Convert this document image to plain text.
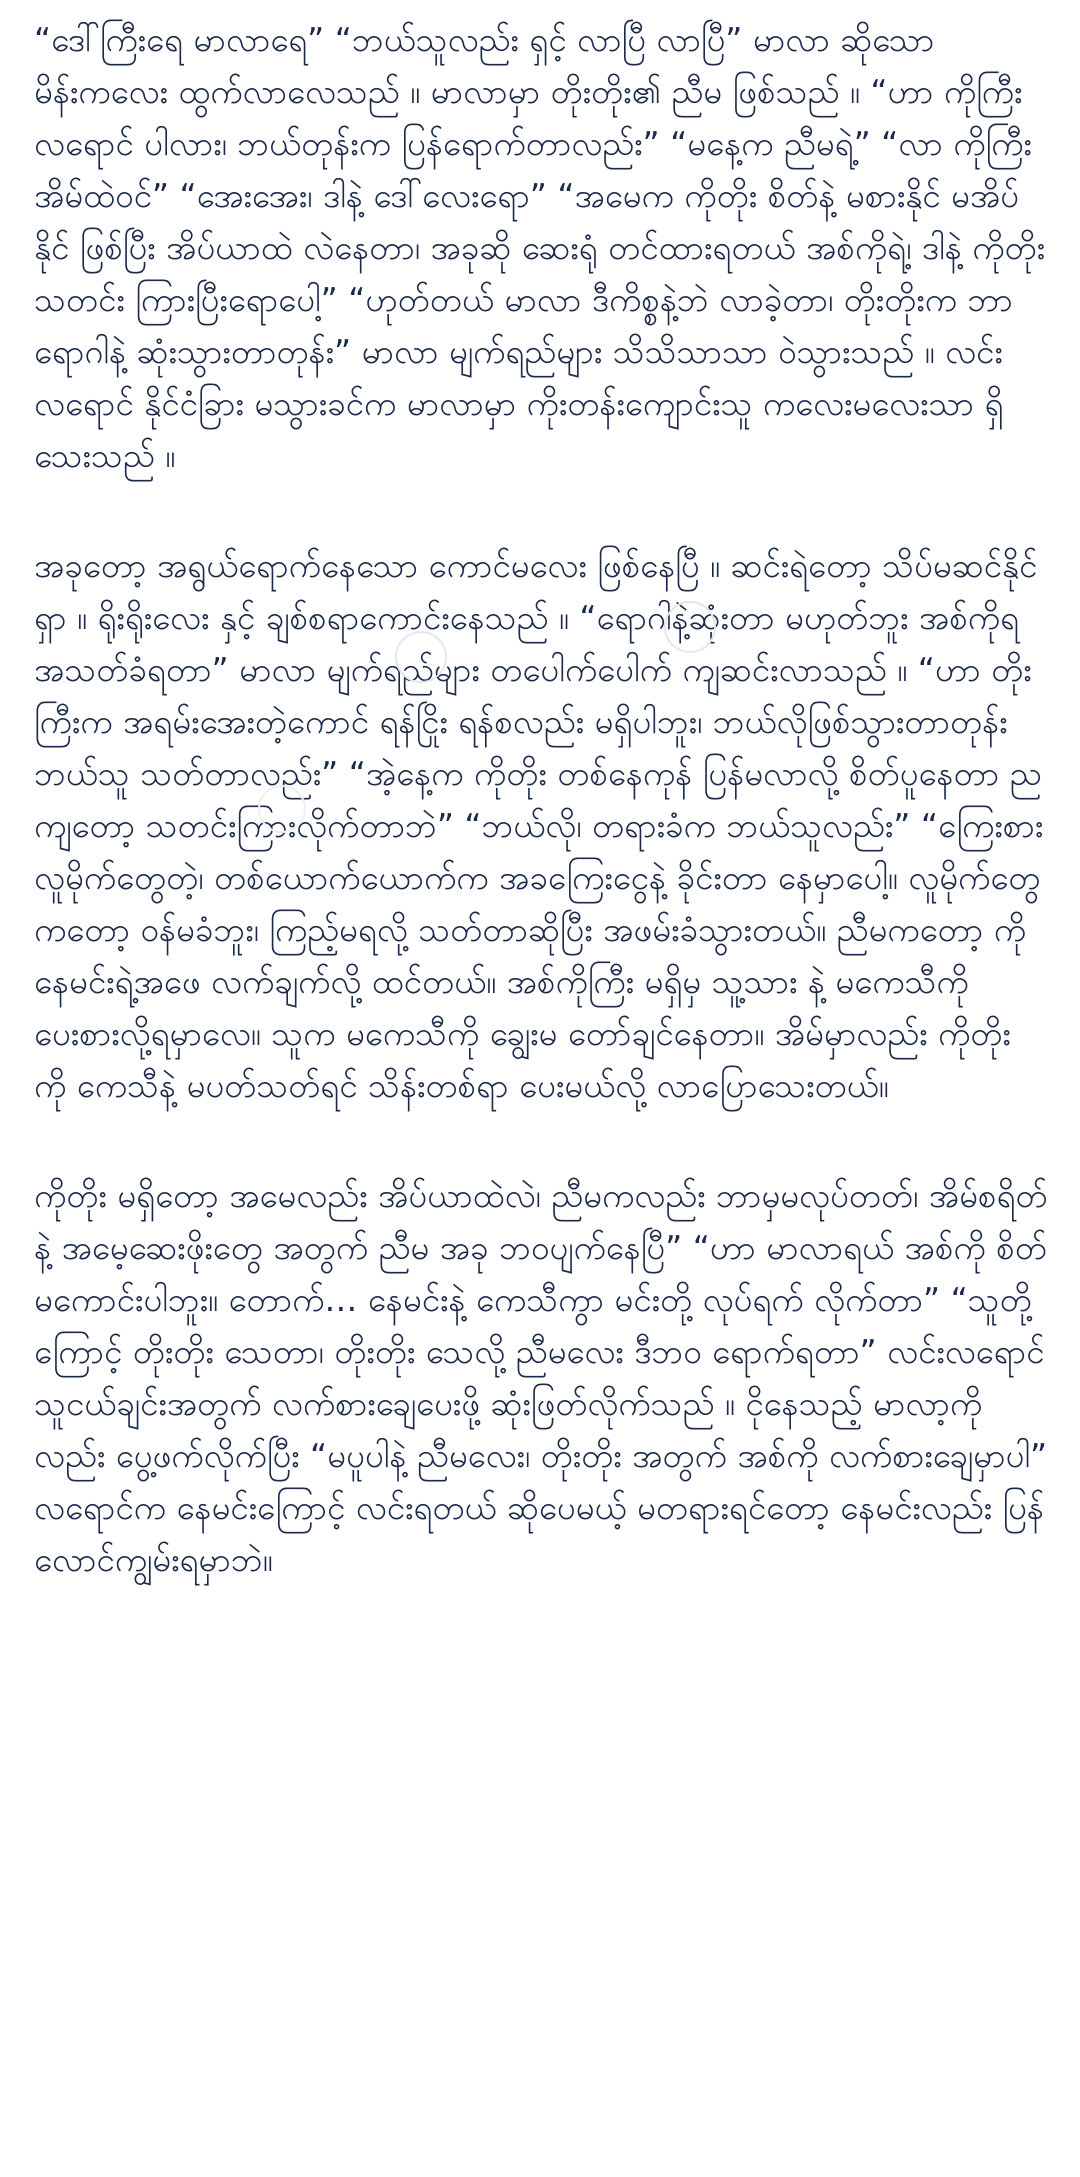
“ဒေါ်ကြီးရေ မာလာရေ” “ဘယ်သူလည်း ရှင့် လာပြီ လာပြီ” မာလာ ဆိုသော မိန်းကလေး ထွက်လာလေသည် ။ မာလာမှာ တိုးတိုး၏ ညီမ ဖြစ်သည် ။ “ဟာ ကိုကြီးလရောင် ပါလား၊ ဘယ်တုန်းက ပြန်ရောက်တာလည်း” “မနေ့က ညီမရဲ့” “လာ ကိုကြီး အိမ်ထဲဝင်” “အေးအေး၊ ဒါနဲ့ ဒေါ်လေးရော” “အမေက ကိုတိုး စိတ်နဲ့ မစားနိုင် မအိပ်နိုင် ဖြစ်ပြီး အိပ်ယာထဲ လဲနေတာ၊ အခုဆို ဆေးရုံ တင်ထားရတယ် အစ်ကိုရဲ့၊ ဒါနဲ့ ကိုတိုး သတင်း ကြားပြီးရောပေါ့” “ဟုတ်တယ် မာလာ ဒီကိစ္စနဲ့ဘဲ လာခဲ့တာ၊ တိုးတိုးက ဘာရောဂါနဲ့ ဆုံးသွားတာတုန်း” မာလာ မျက်ရည်များ သိသိသာသာ ဝဲသွားသည် ။ လင်းလရောင် နိုင်ငံခြား မသွားခင်က မာလာမှာ ကိုးတန်းကျောင်းသူ ကလေးမလေးသာ ရှိသေးသည် ။

အခုတော့ အရွယ်ရောက်နေသော ကောင်မလေး ဖြစ်နေပြီ ။ ဆင်းရဲတော့ သိပ်မဆင်နိုင်ရှာ ။ ရိုးရိုးလေး နှင့် ချစ်စရာကောင်းနေသည် ။ “ရောဂါနဲ့ဆုံးတာ မဟုတ်ဘူး အစ်ကိုရ အသတ်ခံရတာ” မာလာ မျက်ရည်များ တပေါက်ပေါက် ကျဆင်းလာသည် ။ “ဟာ တိုးကြီးက အရမ်းအေးတဲ့ကောင် ရန်ငြိုး ရန်စလည်း မရှိပါဘူး၊ ဘယ်လိုဖြစ်သွားတာတုန်း ဘယ်သူ သတ်တာလည်း” “အဲ့နေ့က ကိုတိုး တစ်နေကုန် ပြန်မလာလို့ စိတ်ပူနေတာ ညကျတော့ သတင်းကြားလိုက်တာဘဲ” “ဘယ်လို၊ တရားခံက ဘယ်သူလည်း” “ကြေးစားလူမိုက်တွေတဲ့၊ တစ်ယောက်ယောက်က အခကြေးငွေနဲ့ ခိုင်းတာ နေမှာပေါ့။ လူမိုက်တွေကတော့ ဝန်မခံဘူး၊ ကြည့်မရလို့ သတ်တာဆိုပြီး အဖမ်းခံသွားတယ်။ ညီမကတော့ ကိုနေမင်းရဲ့အဖေ လက်ချက်လို့ ထင်တယ်။ အစ်ကိုကြီး မရှိမှ သူ့သား နဲ့ မကေသီကို ပေးစားလို့ရမှာလေ။ သူက မကေသီကို ချွေးမ တော်ချင်နေတာ။ အိမ်မှာလည်း ကိုတိုး ကို ကေသီနဲ့ မပတ်သတ်ရင် သိန်းတစ်ရာ ပေးမယ်လို့ လာပြောသေးတယ်။

ကိုတိုး မရှိတော့ အမေလည်း အိပ်ယာထဲလဲ၊ ညီမကလည်း ဘာမှမလုပ်တတ်၊ အိမ်စရိတ်နဲ့ အမေ့ဆေးဖိုးတွေ အတွက် ညီမ အခု ဘဝပျက်နေပြီ” “ဟာ မာလာရယ် အစ်ကို စိတ်မကောင်းပါဘူး။ တောက်… နေမင်းနဲ့ ကေသီကွာ မင်းတို့ လုပ်ရက် လိုက်တာ” “သူတို့ကြောင့် တိုးတိုး သေတာ၊ တိုးတိုး သေလို့ ညီမလေး ဒီဘဝ ရောက်ရတာ” လင်းလရောင် သူငယ်ချင်းအတွက် လက်စားချေပေးဖို့ ဆုံးဖြတ်လိုက်သည် ။ ငိုနေသည့် မာလာ့ကိုလည်း ပွေ့ဖက်လိုက်ပြီး “မပူပါနဲ့ ညီမလေး၊ တိုးတိုး အတွက် အစ်ကို လက်စားချေမှာပါ” လရောင်က နေမင်းကြောင့် လင်းရတယ် ဆိုပေမယ့် မတရားရင်တော့ နေမင်းလည်း ပြန်လောင်ကျွမ်းရမှာဘဲ။
